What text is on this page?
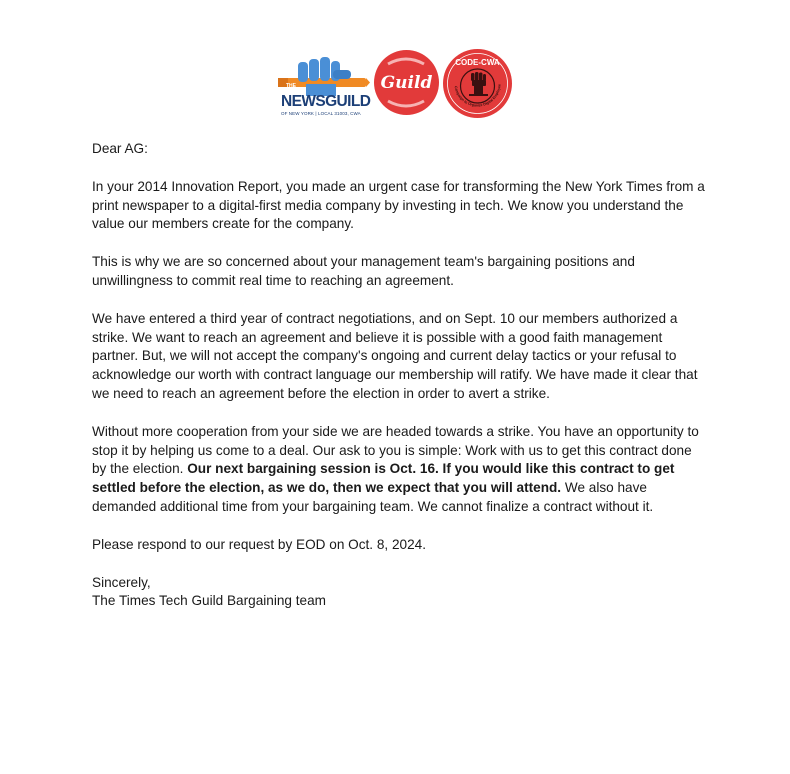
THE
NEWSGUILD
OF NEW YORK | LOCAL 31003, CWA
Guild
CODE-CWA
Campaign to Organize Digital Employee

Dear AG:

In your 2014 Innovation Report, you made an urgent case for transforming the New York Times from a print newspaper to a digital-first media company by investing in tech. We know you understand the value our members create for the company.

This is why we are so concerned about your management team's bargaining positions and unwillingness to commit real time to reaching an agreement.

We have entered a third year of contract negotiations, and on Sept. 10 our members authorized a strike. We want to reach an agreement and believe it is possible with a good faith management partner. But, we will not accept the company's ongoing and current delay tactics or your refusal to acknowledge our worth with contract language our membership will ratify. We have made it clear that we need to reach an agreement before the election in order to avert a strike.

Without more cooperation from your side we are headed towards a strike. You have an opportunity to stop it by helping us come to a deal. Our ask to you is simple: Work with us to get this contract done by the election. Our next bargaining session is Oct. 16. If you would like this contract to get settled before the election, as we do, then we expect that you will attend. We also have demanded additional time from your bargaining team. We cannot finalize a contract without it.

Please respond to our request by EOD on Oct. 8, 2024.

Sincerely,

The Times Tech Guild Bargaining team
